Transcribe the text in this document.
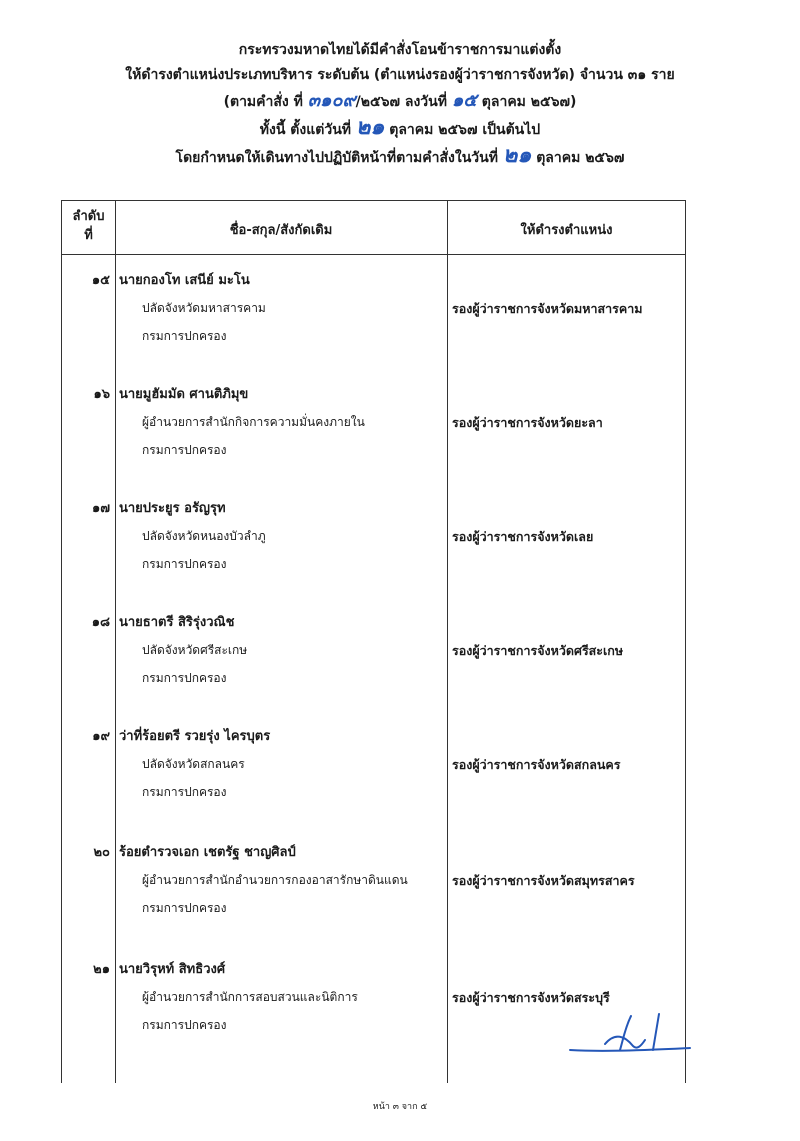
กระทรวงมหาดไทยได้มีคำสั่งโอนข้าราชการมาแต่งตั้ง
ให้ดำรงตำแหน่งประเภทบริหาร ระดับต้น (ตำแหน่งรองผู้ว่าราชการจังหวัด) จำนวน ๓๑ ราย
(ตามคำสั่ง ที่ ๓๑๐๙/๒๕๖๗ ลงวันที่ ๑๕ ตุลาคม ๒๕๖๗)
ทั้งนี้ ตั้งแต่วันที่ ๒๑ ตุลาคม ๒๕๖๗ เป็นต้นไป
โดยกำหนดให้เดินทางไปปฏิบัติหน้าที่ตามคำสั่งในวันที่ ๒๑ ตุลาคม ๒๕๖๗
ลำดับ
ที่	ชื่อ-สกุล/สังกัดเดิม	ให้ดำรงตำแหน่ง
๑๕ นายกองโท เสนีย์ มะโน
ปลัดจังหวัดมหาสารคาม
กรมการปกครอง
รองผู้ว่าราชการจังหวัดมหาสารคาม
๑๖ นายมูฮัมมัด ศานติภิมุข
ผู้อำนวยการสำนักกิจการความมั่นคงภายใน
กรมการปกครอง
รองผู้ว่าราชการจังหวัดยะลา
๑๗ นายประยูร อรัญรุท
ปลัดจังหวัดหนองบัวลำภู
กรมการปกครอง
รองผู้ว่าราชการจังหวัดเลย
๑๘ นายธาตรี สิริรุ่งวณิช
ปลัดจังหวัดศรีสะเกษ
กรมการปกครอง
รองผู้ว่าราชการจังหวัดศรีสะเกษ
๑๙ ว่าที่ร้อยตรี รวยรุ่ง ไครบุตร
ปลัดจังหวัดสกลนคร
กรมการปกครอง
รองผู้ว่าราชการจังหวัดสกลนคร
๒๐ ร้อยตำรวจเอก เชตรัฐ ชาญศิลป์
ผู้อำนวยการสำนักอำนวยการกองอาสารักษาดินแดน
กรมการปกครอง
รองผู้ว่าราชการจังหวัดสมุทรสาคร
๒๑ นายวิรุหท์ สิทธิวงศ์
ผู้อำนวยการสำนักการสอบสวนและนิติการ
กรมการปกครอง
รองผู้ว่าราชการจังหวัดสระบุรี
หน้า ๓ จาก ๕
